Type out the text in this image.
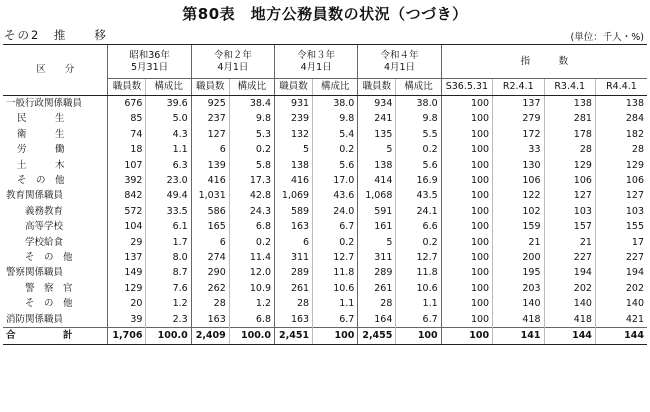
第80表　地方公務員数の状況（つづき）
その2　推　　移	(単位：千人・%)
区　　分	昭和36年
5月31日		令和２年
4月1日		令和３年
4月1日		令和４年
4月1日		指　　　数			
	職員数	構成比	職員数	構成比	職員数	構成比	職員数	構成比	S36.5.31	R2.4.1	R3.4.1	R4.4.1
一般行政関係職員	676	39.6	925	38.4	931	38.0	934	38.0	100	137	138	138
民　　　生	85	5.0	237	9.8	239	9.8	241	9.8	100	279	281	284
衛　　　生	74	4.3	127	5.3	132	5.4	135	5.5	100	172	178	182
労　　　働	18	1.1	6	0.2	5	0.2	5	0.2	100	33	28	28
土　　　木	107	6.3	139	5.8	138	5.6	138	5.6	100	130	129	129
そ　の　他	392	23.0	416	17.3	416	17.0	414	16.9	100	106	106	106
教育関係職員	842	49.4	1,031	42.8	1,069	43.6	1,068	43.5	100	122	127	127
義務教育	572	33.5	586	24.3	589	24.0	591	24.1	100	102	103	103
高等学校	104	6.1	165	6.8	163	6.7	161	6.6	100	159	157	155
学校給食	29	1.7	6	0.2	6	0.2	5	0.2	100	21	21	17
そ　の　他	137	8.0	274	11.4	311	12.7	311	12.7	100	200	227	227
警察関係職員	149	8.7	290	12.0	289	11.8	289	11.8	100	195	194	194
警　察　官	129	7.6	262	10.9	261	10.6	261	10.6	100	203	202	202
そ　の　他	20	1.2	28	1.2	28	1.1	28	1.1	100	140	140	140
消防関係職員	39	2.3	163	6.8	163	6.7	164	6.7	100	418	418	421
合　　　　　計	1,706	100.0	2,409	100.0	2,451	100	2,455	100	100	141	144	144
